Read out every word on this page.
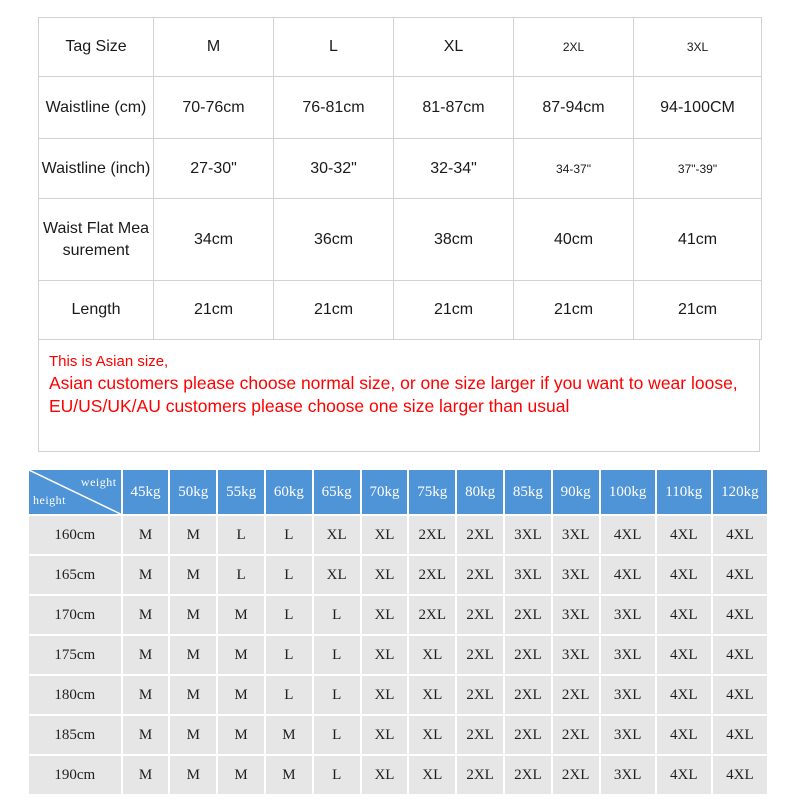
Tag Size	M	L	XL	2XL	3XL
Waistline (cm)	70-76cm	76-81cm	81-87cm	87-94cm	94-100CM
Waistline (inch)	27-30"	30-32"	32-34"	34-37"	37"-39"
Waist Flat Measurement	34cm	36cm	38cm	40cm	41cm
Length	21cm	21cm	21cm	21cm	21cm

This is Asian size,

Asian customers please choose normal size, or one size larger if you want to wear loose,

EU/US/UK/AU customers please choose one size larger than usual

weight
height	45kg	50kg	55kg	60kg	65kg	70kg	75kg	80kg	85kg	90kg	100kg	110kg	120kg
160cm	M	M	L	L	XL	XL	2XL	2XL	3XL	3XL	4XL	4XL	4XL
165cm	M	M	L	L	XL	XL	2XL	2XL	3XL	3XL	4XL	4XL	4XL
170cm	M	M	M	L	L	XL	2XL	2XL	2XL	3XL	3XL	4XL	4XL
175cm	M	M	M	L	L	XL	XL	2XL	2XL	3XL	3XL	4XL	4XL
180cm	M	M	M	L	L	XL	XL	2XL	2XL	2XL	3XL	4XL	4XL
185cm	M	M	M	M	L	XL	XL	2XL	2XL	2XL	3XL	4XL	4XL
190cm	M	M	M	M	L	XL	XL	2XL	2XL	2XL	3XL	4XL	4XL
